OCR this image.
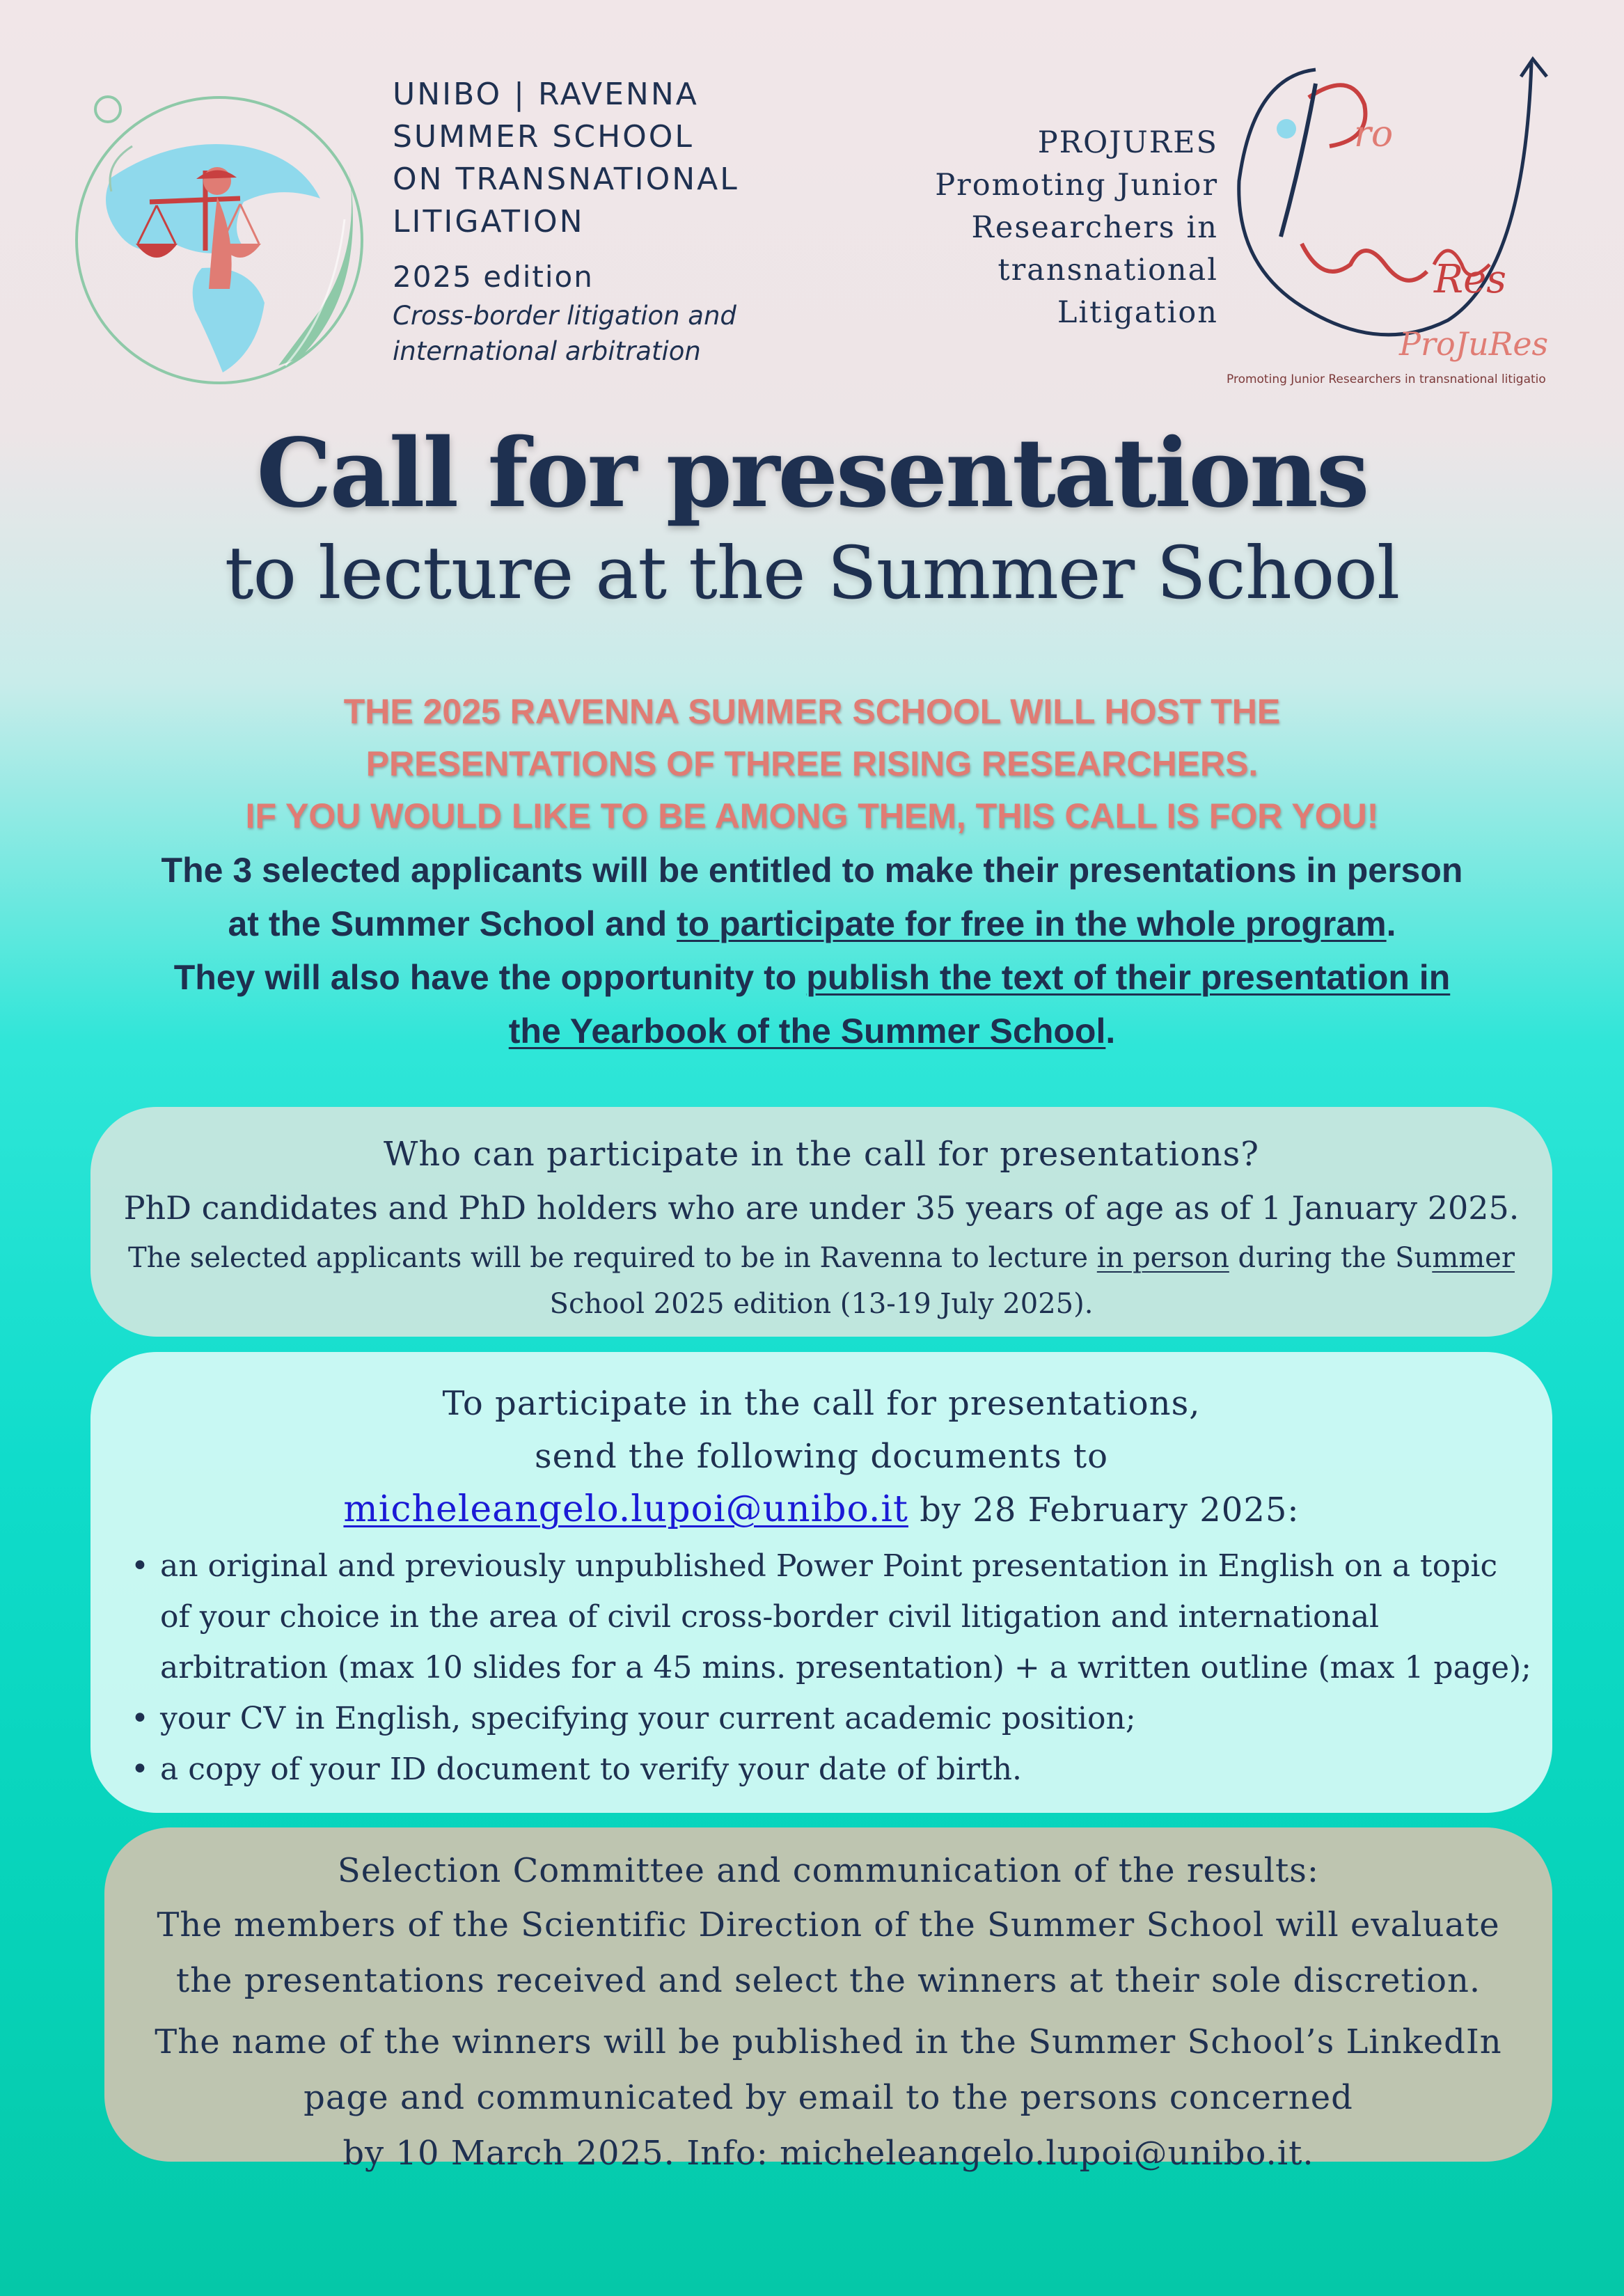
UNIBO | RAVENNA
SUMMER SCHOOL
ON TRANSNATIONAL
LITIGATION
2025 edition
Cross-border litigation and
international arbitration
PROJURES
Promoting Junior
Researchers in
transnational
Litigation
ro
Res
ProJuRes
Promoting Junior Researchers in transnational litigatio
Call for presentations
to lecture at the Summer School
THE 2025 RAVENNA SUMMER SCHOOL WILL HOST THE
PRESENTATIONS OF THREE RISING RESEARCHERS.
IF YOU WOULD LIKE TO BE AMONG THEM, THIS CALL IS FOR YOU!
The 3 selected applicants will be entitled to make their presentations in person
at the Summer School and to participate for free in the whole program.
They will also have the opportunity to publish the text of their presentation in
the Yearbook of the Summer School.
Who can participate in the call for presentations?
PhD candidates and PhD holders who are under 35 years of age as of 1 January 2025.
The selected applicants will be required to be in Ravenna to lecture in person during the Summer
School 2025 edition (13-19 July 2025).
To participate in the call for presentations,
send the following documents to
micheleangelo.lupoi@unibo.it by 28 February 2025:
• an original and previously unpublished Power Point presentation in English on a topic of your choice in the area of civil cross-border civil litigation and international arbitration (max 10 slides for a 45 mins. presentation) + a written outline (max 1 page);
• your CV in English, specifying your current academic position;
• a copy of your ID document to verify your date of birth.
Selection Committee and communication of the results:
The members of the Scientific Direction of the Summer School will evaluate
the presentations received and select the winners at their sole discretion.
The name of the winners will be published in the Summer School’s LinkedIn
page and communicated by email to the persons concerned
by 10 March 2025. Info: micheleangelo.lupoi@unibo.it.
